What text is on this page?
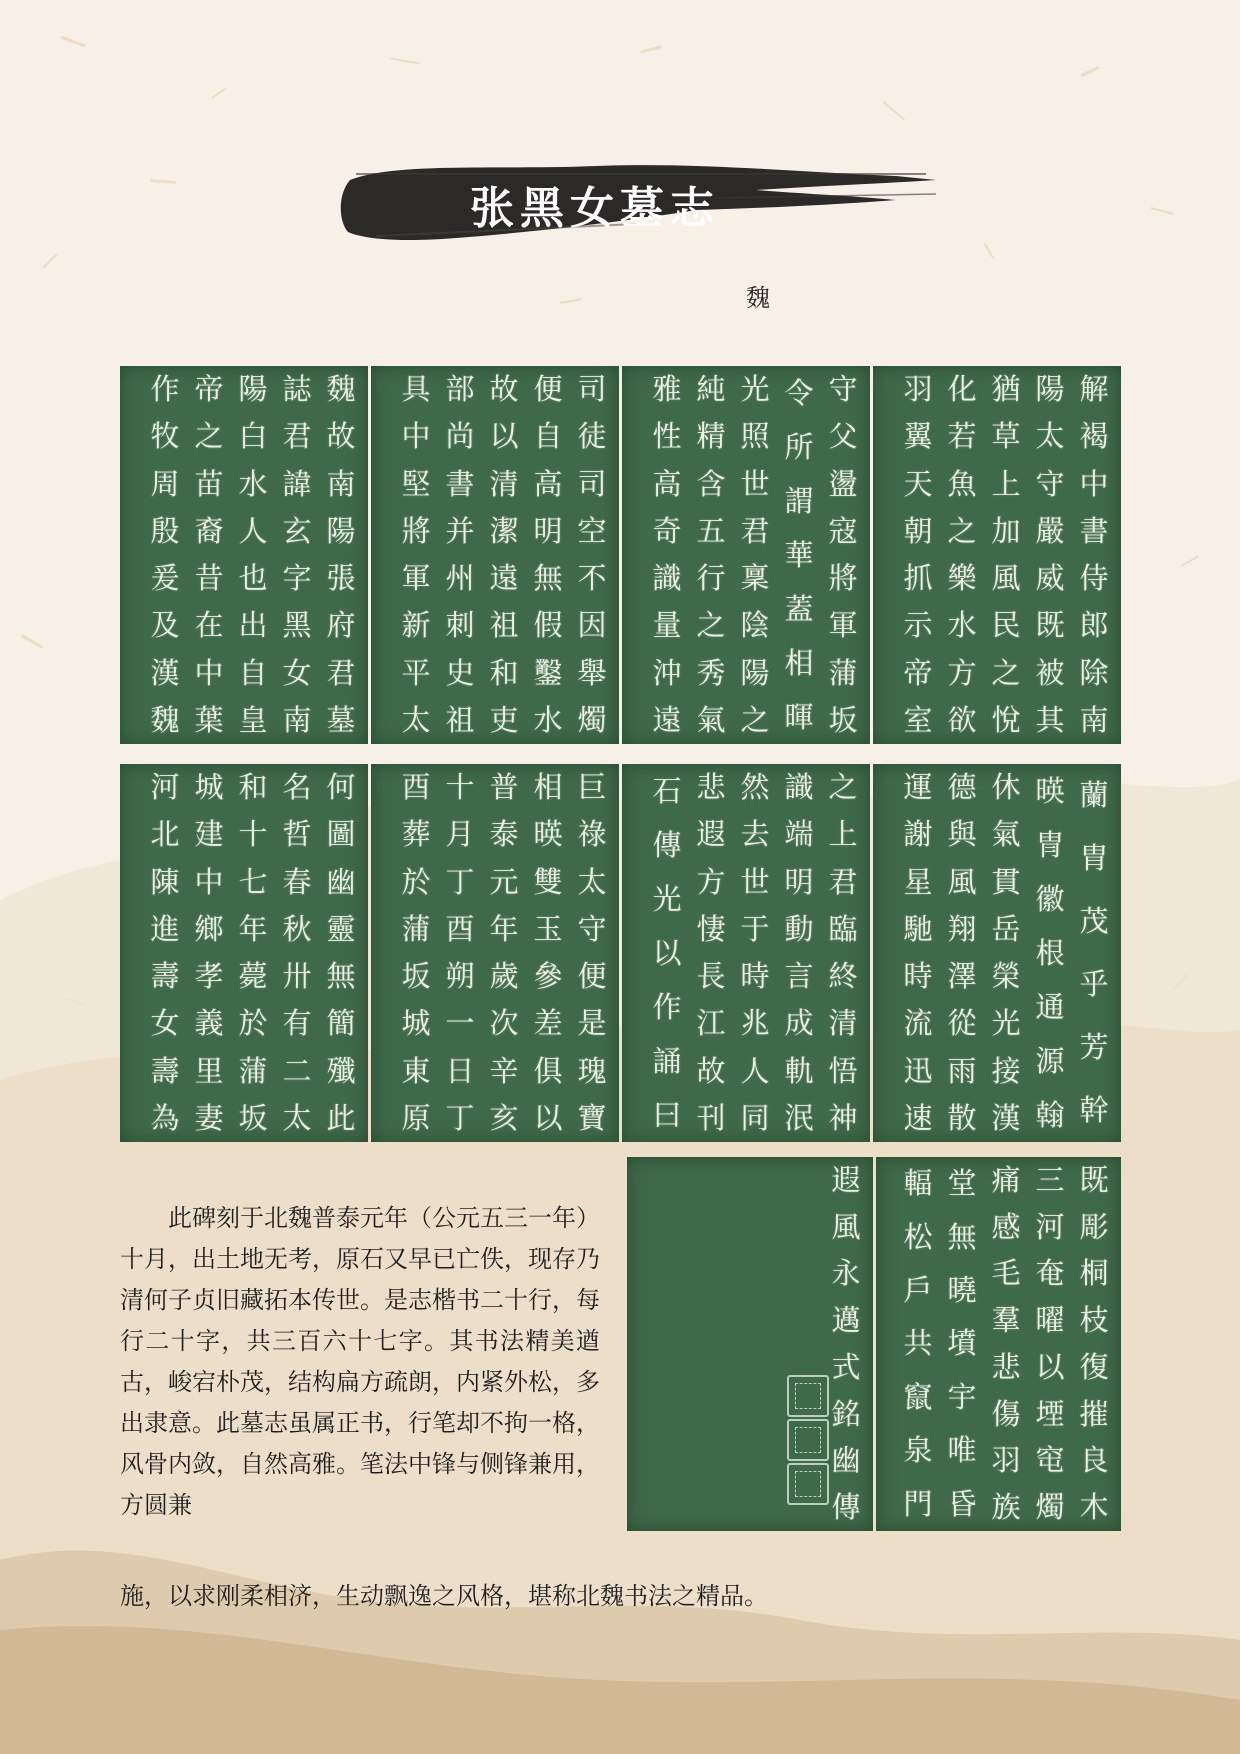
张黑女墓志
魏
魏
故
南
陽
張
府
君
墓
誌
君
諱
玄
字
黑
女
南
陽
白
水
人
也
出
自
皇
帝
之
苗
裔
昔
在
中
葉
作
牧
周
殷
爰
及
漢
魏
司
徒
司
空
不
因
舉
燭
便
自
高
明
無
假
鑿
水
故
以
清
潔
遠
祖
和
吏
部
尚
書
并
州
刺
史
祖
具
中
堅
將
軍
新
平
太
守
父
盪
寇
將
軍
蒲
坂
令
所
謂
華
蓋
相
暉
光
照
世
君
稟
陰
陽
之
純
精
含
五
行
之
秀
氣
雅
性
高
奇
識
量
沖
遠
解
褐
中
書
侍
郎
除
南
陽
太
守
嚴
威
既
被
其
猶
草
上
加
風
民
之
悅
化
若
魚
之
樂
水
方
欲
羽
翼
天
朝
抓
示
帝
室
何
圖
幽
靈
無
簡
殲
此
名
哲
春
秋
卅
有
二
太
和
十
七
年
薨
於
蒲
坂
城
建
中
鄉
孝
義
里
妻
河
北
陳
進
壽
女
壽
為
巨
祿
太
守
便
是
瑰
寶
相
暎
雙
玉
參
差
俱
以
普
泰
元
年
歲
次
辛
亥
十
月
丁
酉
朔
一
日
丁
酉
葬
於
蒲
坂
城
東
原
之
上
君
臨
終
清
悟
神
識
端
明
動
言
成
軌
泯
然
去
世
于
時
兆
人
同
悲
遐
方
悽
長
江
故
刊
石
傳
光
以
作
誦
曰
蘭
胄
茂
乎
芳
幹
暎
冑
徽
根
通
源
翰
休
氣
貫
岳
榮
光
接
漢
德
與
風
翔
澤
從
雨
散
運
謝
星
馳
時
流
迅
速
既
彫
桐
枝
復
摧
良
木
三
河
奄
曜
以
堙
窀
燭
痛
感
毛
羣
悲
傷
羽
族
堂
無
曉
墳
宇
唯
昏
輻
松
戶
共
竄
泉
門
遐
風
永
邁
式
銘
幽
傳
此碑刻于北魏普泰元年（公元五三一年）十月，出土地无考，原石又早已亡佚，现存乃清何子贞旧藏拓本传世。是志楷书二十行，每行二十字，共三百六十七字。其书法精美遒古，峻宕朴茂，结构扁方疏朗，内紧外松，多出隶意。此墓志虽属正书，行笔却不拘一格，风骨内敛，自然高雅。笔法中锋与侧锋兼用，方圆兼
施，以求刚柔相济，生动飘逸之风格，堪称北魏书法之精品。
